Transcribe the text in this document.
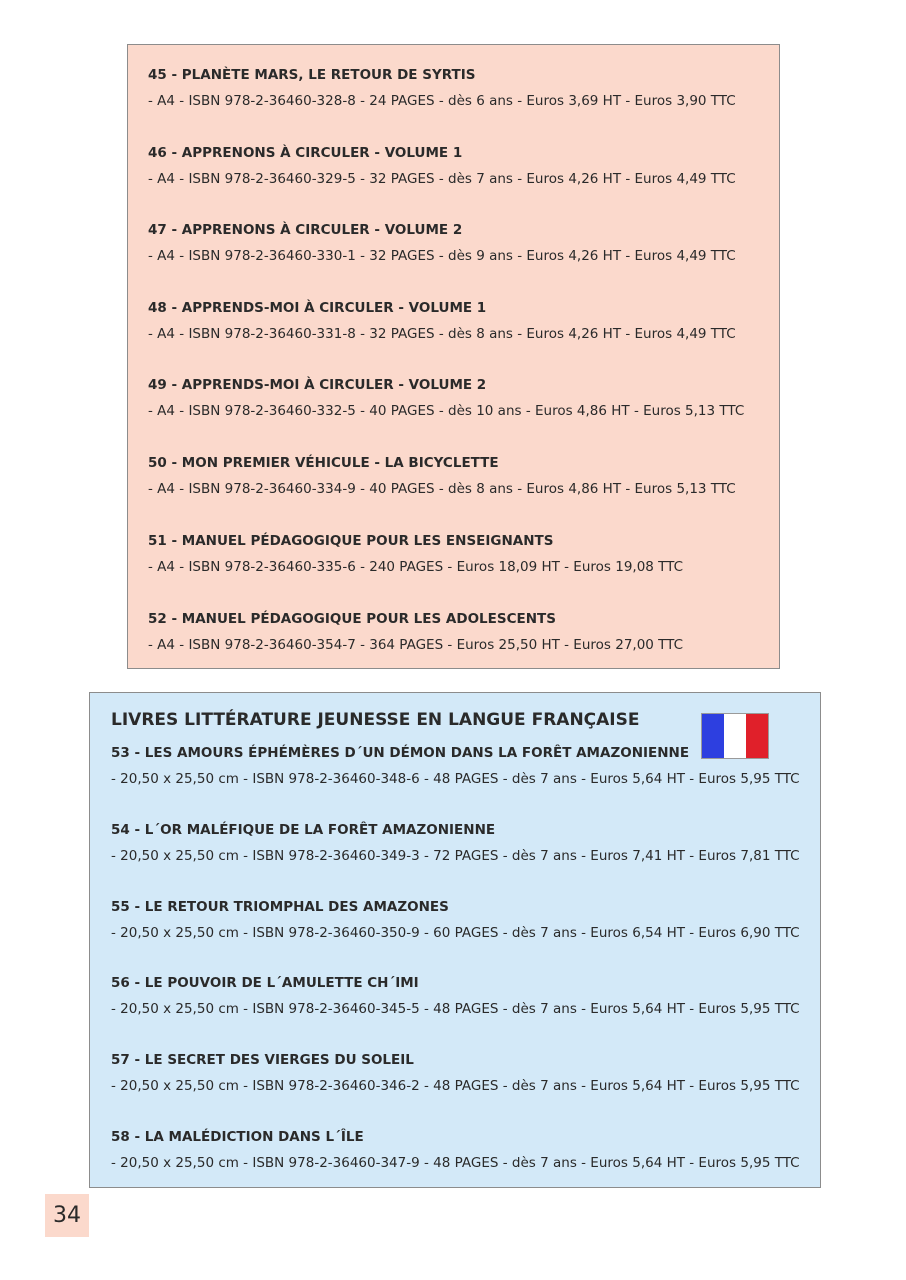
45 - PLANÈTE MARS, LE RETOUR DE SYRTIS
- A4 - ISBN 978-2-36460-328-8 - 24 PAGES - dès 6 ans - Euros 3,69 HT - Euros 3,90 TTC
46 - APPRENONS À CIRCULER - VOLUME 1
- A4 - ISBN 978-2-36460-329-5 - 32 PAGES - dès 7 ans - Euros 4,26 HT - Euros 4,49 TTC
47 - APPRENONS À CIRCULER - VOLUME 2
- A4 - ISBN 978-2-36460-330-1 - 32 PAGES - dès 9 ans - Euros 4,26 HT - Euros 4,49 TTC
48 - APPRENDS-MOI À CIRCULER - VOLUME 1
- A4 - ISBN 978-2-36460-331-8 - 32 PAGES - dès 8 ans - Euros 4,26 HT - Euros 4,49 TTC
49 - APPRENDS-MOI À CIRCULER - VOLUME 2
- A4 - ISBN 978-2-36460-332-5 - 40 PAGES - dès 10 ans - Euros 4,86 HT - Euros 5,13 TTC
50 - MON PREMIER VÉHICULE - LA BICYCLETTE
- A4 - ISBN 978-2-36460-334-9 - 40 PAGES - dès 8 ans - Euros 4,86 HT - Euros 5,13 TTC
51 - MANUEL PÉDAGOGIQUE POUR LES ENSEIGNANTS
- A4 - ISBN 978-2-36460-335-6 - 240 PAGES - Euros 18,09 HT - Euros 19,08 TTC
52 - MANUEL PÉDAGOGIQUE POUR LES ADOLESCENTS
- A4 - ISBN 978-2-36460-354-7 - 364 PAGES - Euros 25,50 HT - Euros 27,00 TTC
LIVRES LITTÉRATURE JEUNESSE EN LANGUE FRANÇAISE
53 - LES AMOURS ÉPHÉMÈRES D´UN DÉMON DANS LA FORÊT AMAZONIENNE
- 20,50 x 25,50 cm - ISBN 978-2-36460-348-6 - 48 PAGES - dès 7 ans - Euros 5,64 HT - Euros 5,95 TTC
54 - L´OR MALÉFIQUE DE LA FORÊT AMAZONIENNE
- 20,50 x 25,50 cm - ISBN 978-2-36460-349-3 - 72 PAGES - dès 7 ans - Euros 7,41 HT - Euros 7,81 TTC
55 - LE RETOUR TRIOMPHAL DES AMAZONES
- 20,50 x 25,50 cm - ISBN 978-2-36460-350-9 - 60 PAGES - dès 7 ans - Euros 6,54 HT - Euros 6,90 TTC
56 - LE POUVOIR DE L´AMULETTE CH´IMI
- 20,50 x 25,50 cm - ISBN 978-2-36460-345-5 - 48 PAGES - dès 7 ans - Euros 5,64 HT - Euros 5,95 TTC
57 - LE SECRET DES VIERGES DU SOLEIL
- 20,50 x 25,50 cm - ISBN 978-2-36460-346-2 - 48 PAGES - dès 7 ans - Euros 5,64 HT - Euros 5,95 TTC
58 - LA MALÉDICTION DANS L´ÎLE
- 20,50 x 25,50 cm - ISBN 978-2-36460-347-9 - 48 PAGES - dès 7 ans - Euros 5,64 HT - Euros 5,95 TTC
34
